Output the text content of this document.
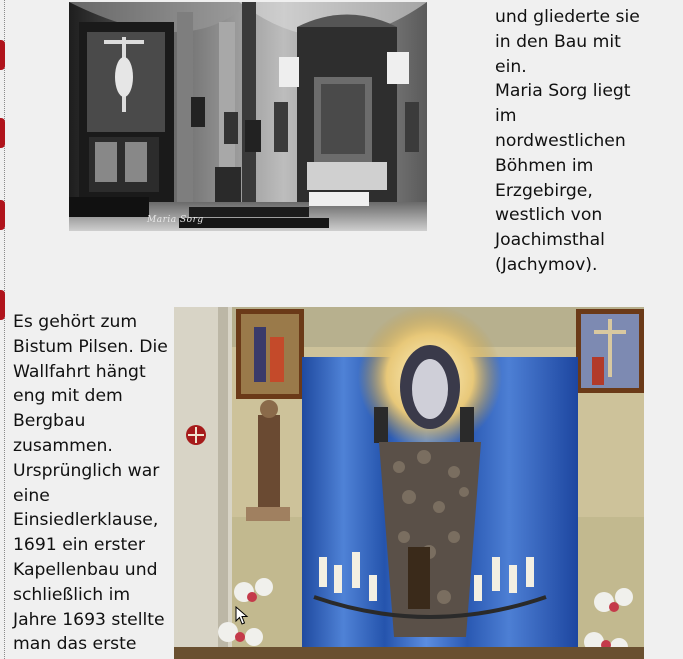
Maria Sorg
und gliederte sie
in den Bau mit
ein.
Maria Sorg liegt
im
nordwestlichen
Böhmen im
Erzgebirge,
westlich von
Joachimsthal
(Jachymov).
Es gehört zum
Bistum Pilsen. Die
Wallfahrt hängt
eng mit dem
Bergbau
zusammen.
Ursprünglich war
eine
Einsiedlerklause,
1691 ein erster
Kapellenbau und
schließlich im
Jahre 1693 stellte
man das erste
